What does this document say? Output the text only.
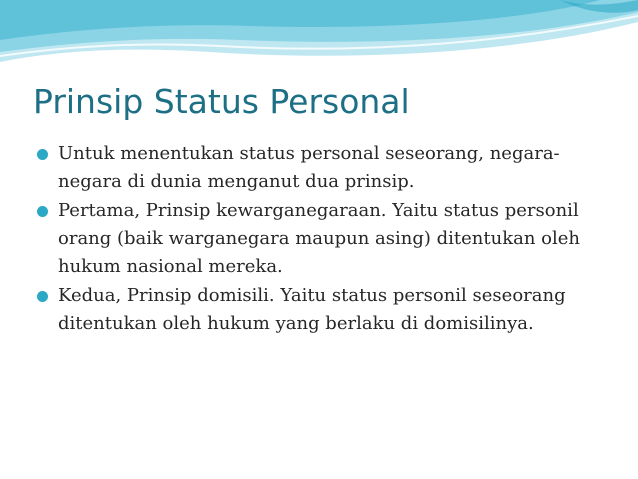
Prinsip Status Personal
Untuk menentukan status personal seseorang, negara-negara di dunia menganut dua prinsip.
Pertama, Prinsip kewarganegaraan. Yaitu status personil orang (baik warganegara maupun asing) ditentukan oleh hukum nasional mereka.
Kedua, Prinsip domisili. Yaitu status personil seseorang ditentukan oleh hukum yang berlaku di domisilinya.
